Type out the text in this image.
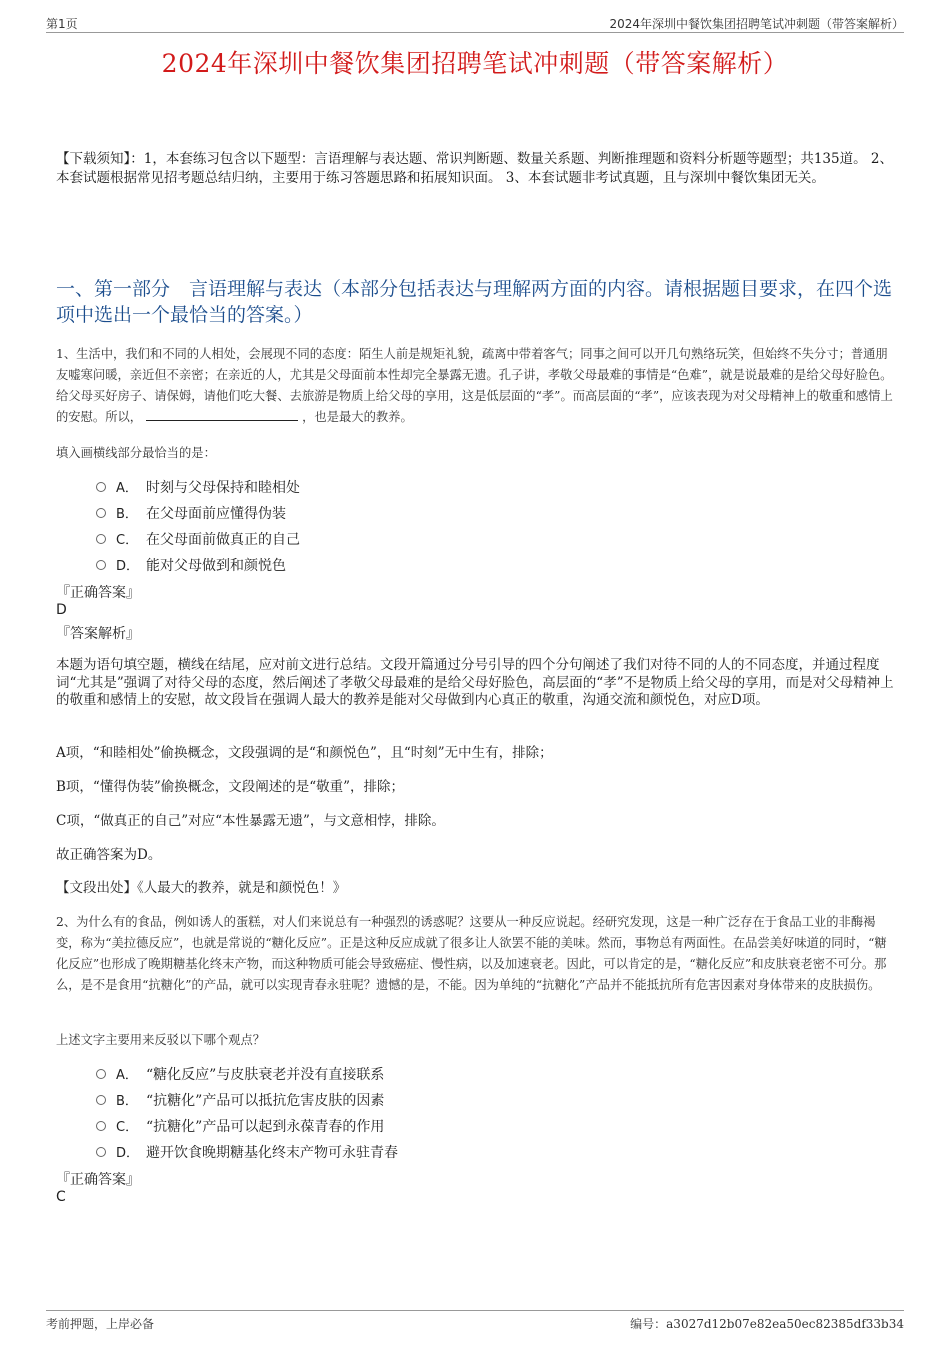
第1页	2024年深圳中餐饮集团招聘笔试冲刺题（带答案解析）
2024年深圳中餐饮集团招聘笔试冲刺题（带答案解析）
【下载须知】：1，本套练习包含以下题型：言语理解与表达题、常识判断题、数量关系题、判断推理题和资料分析题等题型；共135道。 2、本套试题根据常见招考题总结归纳，主要用于练习答题思路和拓展知识面。 3、本套试题非考试真题，且与深圳中餐饮集团无关。
一、第一部分　言语理解与表达（本部分包括表达与理解两方面的内容。请根据题目要求，在四个选项中选出一个最恰当的答案。）
1、生活中，我们和不同的人相处，会展现不同的态度：陌生人前是规矩礼貌，疏离中带着客气；同事之间可以开几句熟络玩笑，但始终不失分寸；普通朋友嘘寒问暖，亲近但不亲密；在亲近的人，尤其是父母面前本性却完全暴露无遗。孔子讲，孝敬父母最难的事情是“色难”，就是说最难的是给父母好脸色。给父母买好房子、请保姆，请他们吃大餐、去旅游是物质上给父母的享用，这是低层面的“孝”。而高层面的“孝”，应该表现为对父母精神上的敬重和感情上的安慰。所以，	，也是最大的教养。
填入画横线部分最恰当的是：
A． 时刻与父母保持和睦相处
B． 在父母面前应懂得伪装
C． 在父母面前做真正的自己
D． 能对父母做到和颜悦色
『正确答案』
D
『答案解析』
本题为语句填空题，横线在结尾，应对前文进行总结。文段开篇通过分号引导的四个分句阐述了我们对待不同的人的不同态度，并通过程度词“尤其是”强调了对待父母的态度，然后阐述了孝敬父母最难的是给父母好脸色，高层面的“孝”不是物质上给父母的享用，而是对父母精神上的敬重和感情上的安慰，故文段旨在强调人最大的教养是能对父母做到内心真正的敬重，沟通交流和颜悦色，对应D项。
A项，“和睦相处”偷换概念，文段强调的是“和颜悦色”，且“时刻”无中生有，排除；
B项，“懂得伪装”偷换概念，文段阐述的是“敬重”，排除；
C项，“做真正的自己”对应“本性暴露无遗”，与文意相悖，排除。
故正确答案为D。
【文段出处】《人最大的教养，就是和颜悦色！》
2、为什么有的食品，例如诱人的蛋糕，对人们来说总有一种强烈的诱惑呢？这要从一种反应说起。经研究发现，这是一种广泛存在于食品工业的非酶褐变，称为“美拉德反应”，也就是常说的“糖化反应”。正是这种反应成就了很多让人欲罢不能的美味。然而，事物总有两面性。在品尝美好味道的同时，“糖化反应”也形成了晚期糖基化终末产物，而这种物质可能会导致癌症、慢性病，以及加速衰老。因此，可以肯定的是，“糖化反应”和皮肤衰老密不可分。那么，是不是食用“抗糖化”的产品，就可以实现青春永驻呢？遗憾的是，不能。因为单纯的“抗糖化”产品并不能抵抗所有危害因素对身体带来的皮肤损伤。
上述文字主要用来反驳以下哪个观点？
A． “糖化反应”与皮肤衰老并没有直接联系
B． “抗糖化”产品可以抵抗危害皮肤的因素
C． “抗糖化”产品可以起到永葆青春的作用
D． 避开饮食晚期糖基化终末产物可永驻青春
『正确答案』
C
考前押题，上岸必备	编号：a3027d12b07e82ea50ec82385df33b34
